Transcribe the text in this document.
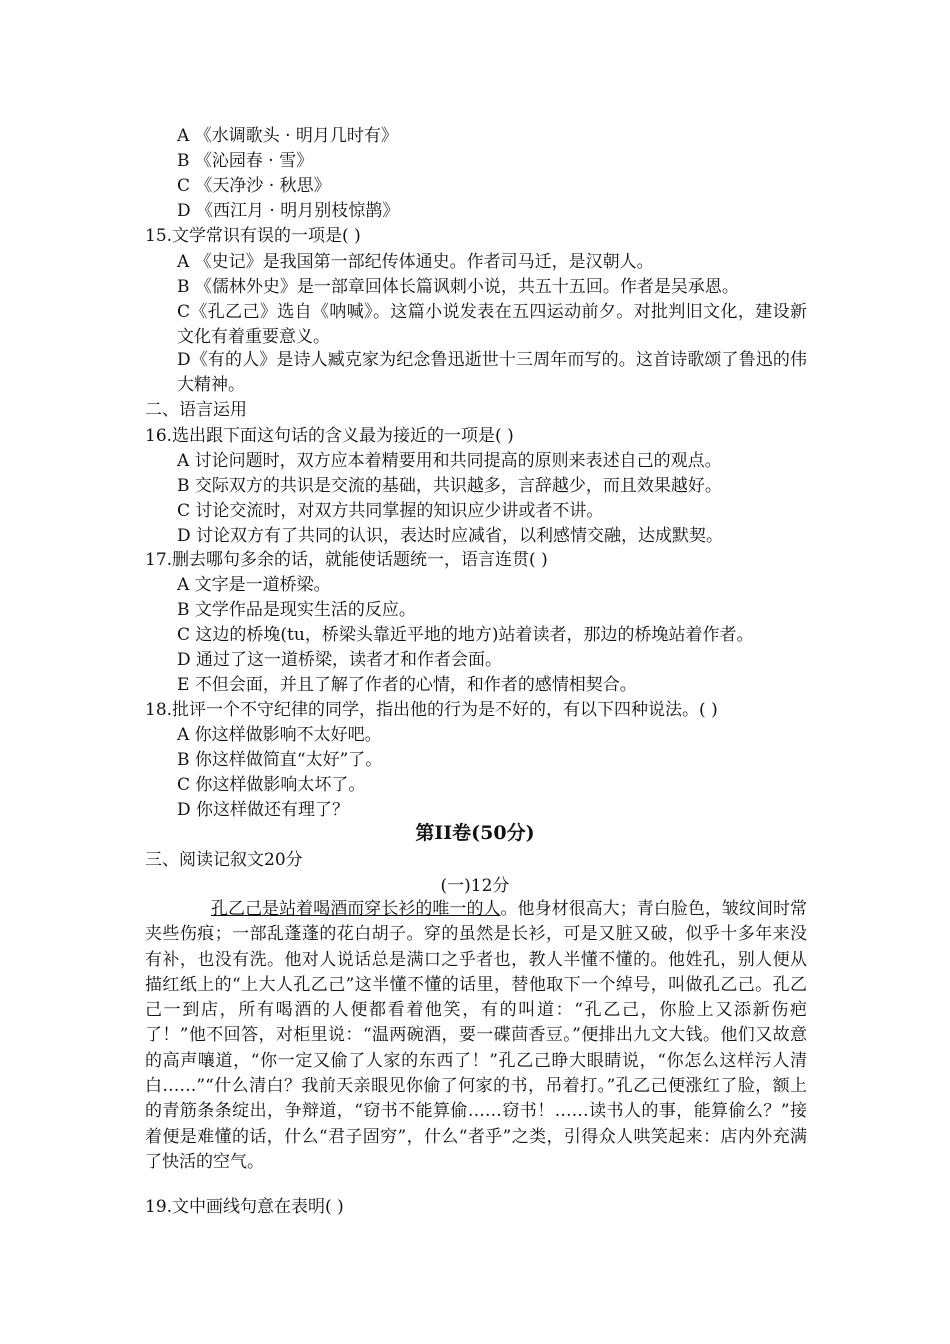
A 《水调歌头 · 明月几时有》
B 《沁园春 · 雪》
C 《天净沙 · 秋思》
D 《西江月 · 明月别枝惊鹊》
15.文学常识有误的一项是( )
A 《史记》是我国第一部纪传体通史。作者司马迁，是汉朝人。
B 《儒林外史》是一部章回体长篇讽刺小说，共五十五回。作者是吴承恩。
C《孔乙己》选自《呐喊》。这篇小说发表在五四运动前夕。对批判旧文化，建设新文化有着重要意义。
D《有的人》是诗人臧克家为纪念鲁迅逝世十三周年而写的。这首诗歌颂了鲁迅的伟大精神。
二、语言运用
16.选出跟下面这句话的含义最为接近的一项是( )
A 讨论问题时，双方应本着精要用和共同提高的原则来表述自己的观点。
B 交际双方的共识是交流的基础，共识越多，言辞越少，而且效果越好。
C 讨论交流时，对双方共同掌握的知识应少讲或者不讲。
D 讨论双方有了共同的认识，表达时应减省，以利感情交融，达成默契。
17.删去哪句多余的话，就能使话题统一，语言连贯( )
A 文字是一道桥梁。
B 文学作品是现实生活的反应。
C 这边的桥堍(tu，桥梁头靠近平地的地方)站着读者，那边的桥堍站着作者。
D 通过了这一道桥梁，读者才和作者会面。
E 不但会面，并且了解了作者的心情，和作者的感情相契合。
18.批评一个不守纪律的同学，指出他的行为是不好的，有以下四种说法。( )
A 你这样做影响不太好吧。
B 你这样做简直“太好”了。
C 你这样做影响太坏了。
D 你这样做还有理了？
第II卷(50分)
三、阅读记叙文20分
(一)12分
孔乙己是站着喝酒而穿长衫的唯一的人。他身材很高大；青白脸色，皱纹间时常夹些伤痕；一部乱蓬蓬的花白胡子。穿的虽然是长衫，可是又脏又破，似乎十多年来没有补，也没有洗。他对人说话总是满口之乎者也，教人半懂不懂的。他姓孔，别人便从描红纸上的“上大人孔乙己”这半懂不懂的话里，替他取下一个绰号，叫做孔乙己。孔乙己一到店，所有喝酒的人便都看着他笑，有的叫道：“孔乙己，你脸上又添新伤疤了！”他不回答，对柜里说：“温两碗酒，要一碟茴香豆。”便排出九文大钱。他们又故意的高声嚷道，“你一定又偷了人家的东西了！”孔乙己睁大眼睛说，“你怎么这样污人清白……”“什么清白？我前天亲眼见你偷了何家的书，吊着打。”孔乙己便涨红了脸，额上的青筋条条绽出，争辩道，“窃书不能算偷……窃书！……读书人的事，能算偷么？”接着便是难懂的话，什么“君子固穷”，什么“者乎”之类，引得众人哄笑起来：店内外充满了快活的空气。
19.文中画线句意在表明( )
